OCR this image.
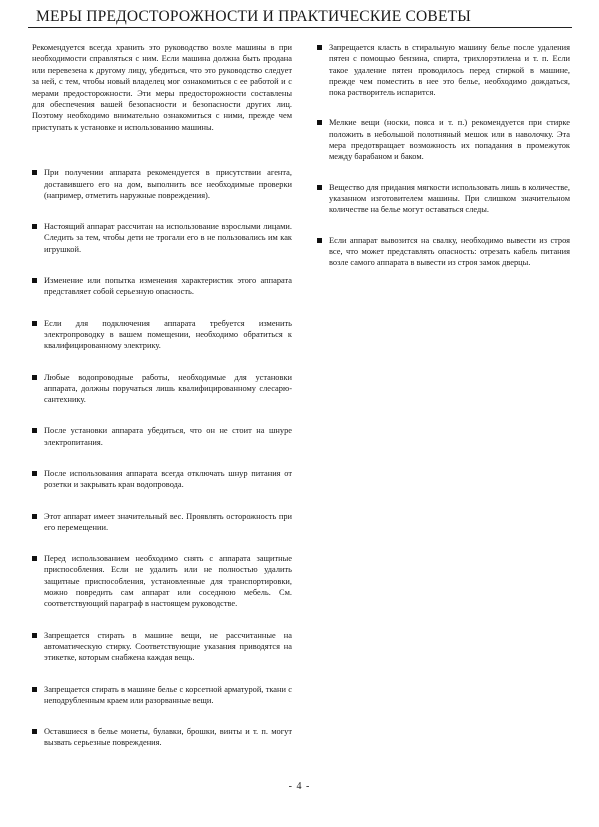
МЕРЫ ПРЕДОСТОРОЖНОСТИ И ПРАКТИЧЕСКИЕ СОВЕТЫ

Рекомендуется всегда хранить это руководство возле машины в при необходимости справляться с ним. Если машина должна быть продана или перевезена к другому лицу, убедиться, что это руководство следует за ней, с тем, чтобы новый владелец мог ознакомиться с ее работой и с мерами предосторожности. Эти меры предосторожности составлены для обеспечения вашей безопасности и безопасности других лиц. Поэтому необходимо внимательно ознакомиться с ними, прежде чем приступать к установке и использованию машины.

При получении аппарата рекомендуется в присутствии агента, доставившего его на дом, выполнить все необходимые проверки (например, отметить наружные повреждения).
Настоящий аппарат рассчитан на использование взрослыми лицами. Следить за тем, чтобы дети не трогали его в не пользовались им как игрушкой.
Изменение или попытка изменения характеристик этого аппарата представляет собой серьезную опасность.
Если для подключения аппарата требуется изменить электропроводку в вашем помещении, необходимо обратиться к квалифицированному электрику.
Любые водопроводные работы, необходимые для установки аппарата, должны поручаться лишь квалифицированному слесарю-сантехнику.
После установки аппарата убедиться, что он не стоит на шнуре электропитания.
После использования аппарата всегда отключать шнур питания от розетки и закрывать кран водопровода.
Этот аппарат имеет значительный вес. Проявлять осторожность при его перемещении.
Перед использованием необходимо снять с аппарата защитные приспособления. Если не удалить или не полностью удалить защитные приспособления, установленные для транспортировки, можно повредить сам аппарат или соседнюю мебель. См. соответствующий параграф в настоящем руководстве.
Запрещается стирать в машине вещи, не рассчитанные на автоматическую стирку. Соответствующие указания приводятся на этикетке, которым снабжена каждая вещь.
Запрещается стирать в машине белье с корсетной арматурой, ткани с неподрубленным краем или разорванные вещи.
Оставшиеся в белье монеты, булавки, брошки, винты и т. п. могут вызвать серьезные повреждения.
Запрещается класть в стиральную машину белье после удаления пятен с помощью бензина, спирта, трихлорэтилена и т. п. Если такое удаление пятен проводилось перед стиркой в машине, прежде чем поместить в нее это белье, необходимо дождаться, пока растворитель испарится.
Мелкие вещи (носки, пояса и т. п.) рекомендуется при стирке положить в небольшой полотняный мешок или в наволочку. Эта мера предотвращает возможность их попадания в промежуток между барабаном и баком.
Вещество для придания мягкости использовать лишь в количестве, указанном изготовителем машины. При слишком значительном количестве на белье могут оставаться следы.
Если аппарат вывозится на свалку, необходимо вывести из строя все, что может представлять опасность: отрезать кабель питания возле самого аппарата в вывести из строя замок дверцы.
- 4 -
